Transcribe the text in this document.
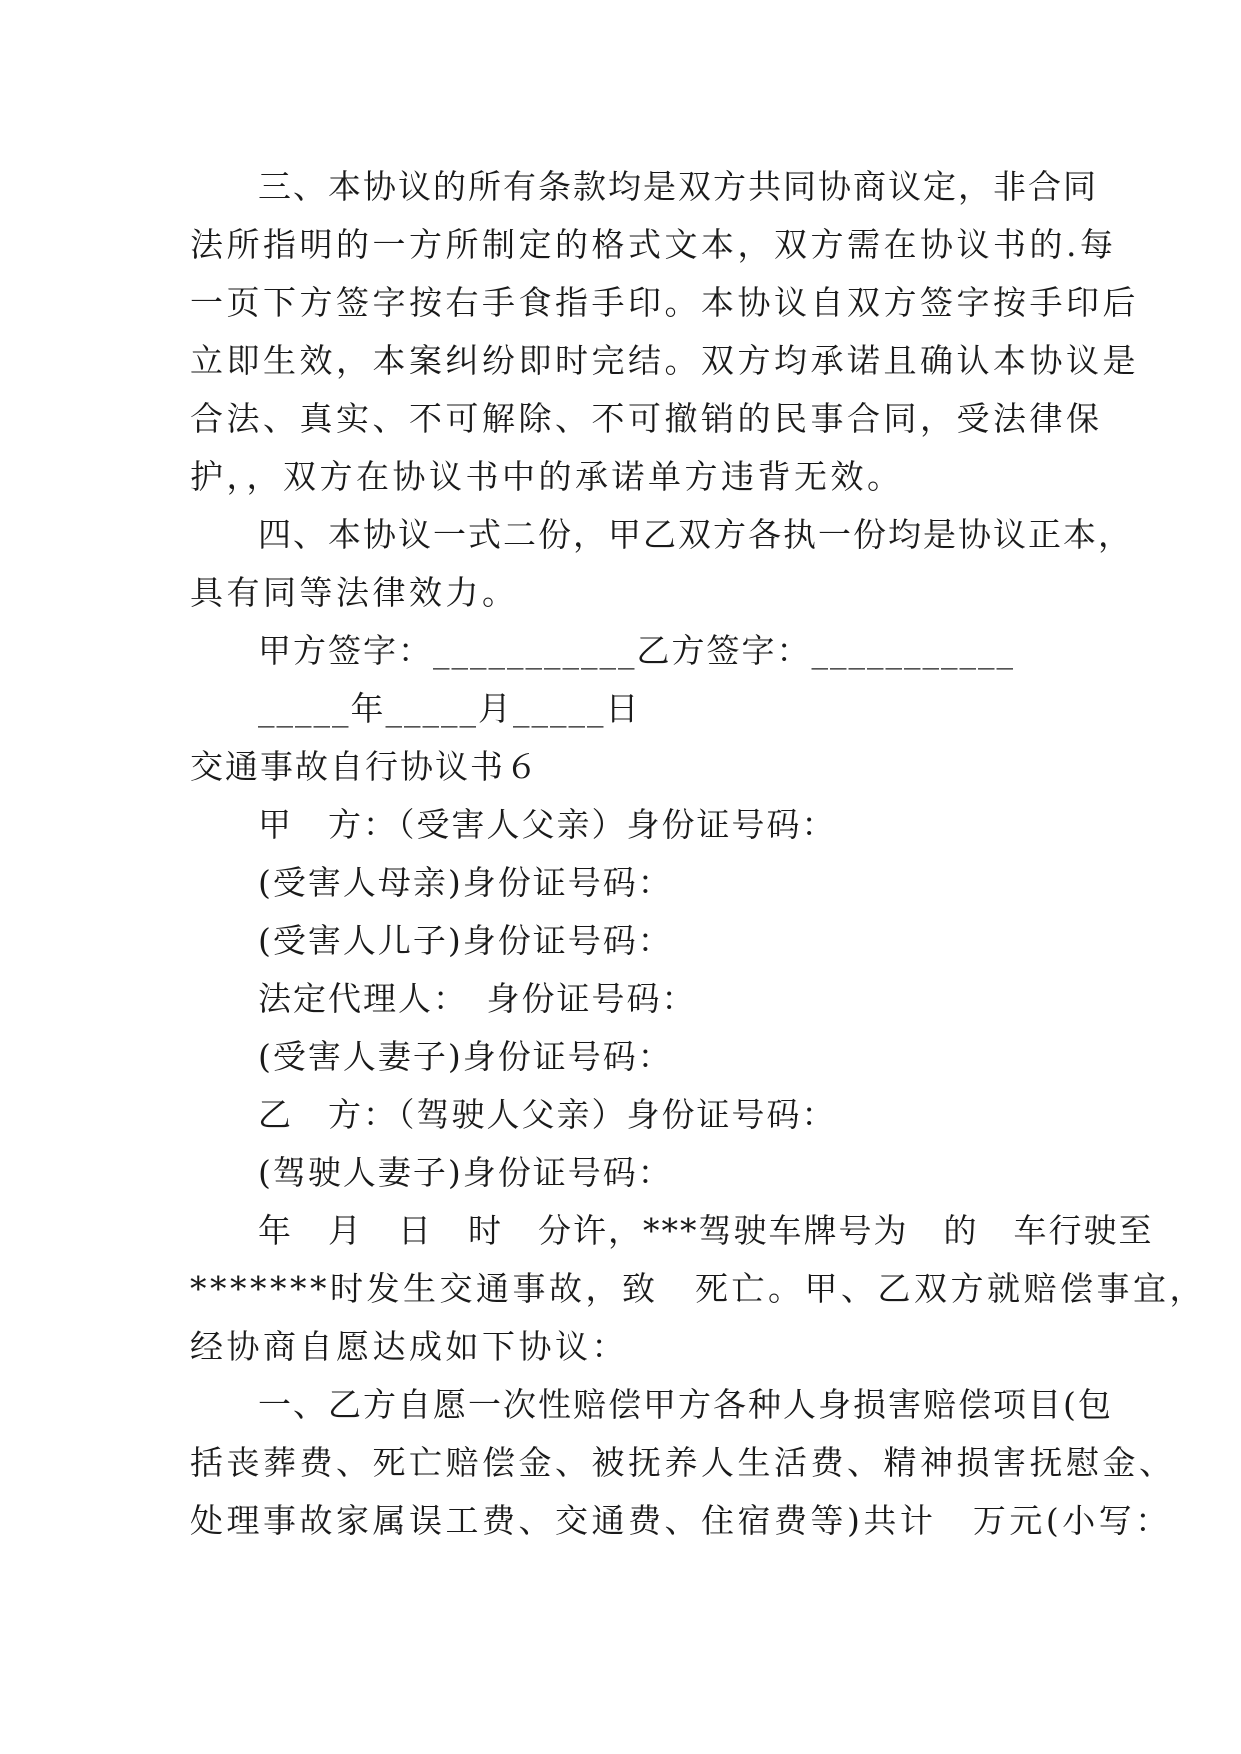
三、本协议的所有条款均是双方共同协商议定，非合同
法所指明的一方所制定的格式文本，双方需在协议书的.每
一页下方签字按右手食指手印。本协议自双方签字按手印后
立即生效，本案纠纷即时完结。双方均承诺且确认本协议是
合法、真实、不可解除、不可撤销的民事合同，受法律保
护，，双方在协议书中的承诺单方违背无效。
四、本协议一式二份，甲乙双方各执一份均是协议正本，
具有同等法律效力。
甲方签字：___________乙方签字：___________
_____年_____月_____日
交通事故自行协议书６
甲　方：（受害人父亲）身份证号码：
(受害人母亲)身份证号码：
(受害人儿子)身份证号码：
法定代理人：　身份证号码：
(受害人妻子)身份证号码：
乙　方：（驾驶人父亲）身份证号码：
(驾驶人妻子)身份证号码：
年　月　日　时　分许，***驾驶车牌号为　的　车行驶至
*******时发生交通事故，致　死亡。甲、乙双方就赔偿事宜，
经协商自愿达成如下协议：
一、乙方自愿一次性赔偿甲方各种人身损害赔偿项目(包
括丧葬费、死亡赔偿金、被抚养人生活费、精神损害抚慰金、
处理事故家属误工费、交通费、住宿费等)共计　万元(小写：
